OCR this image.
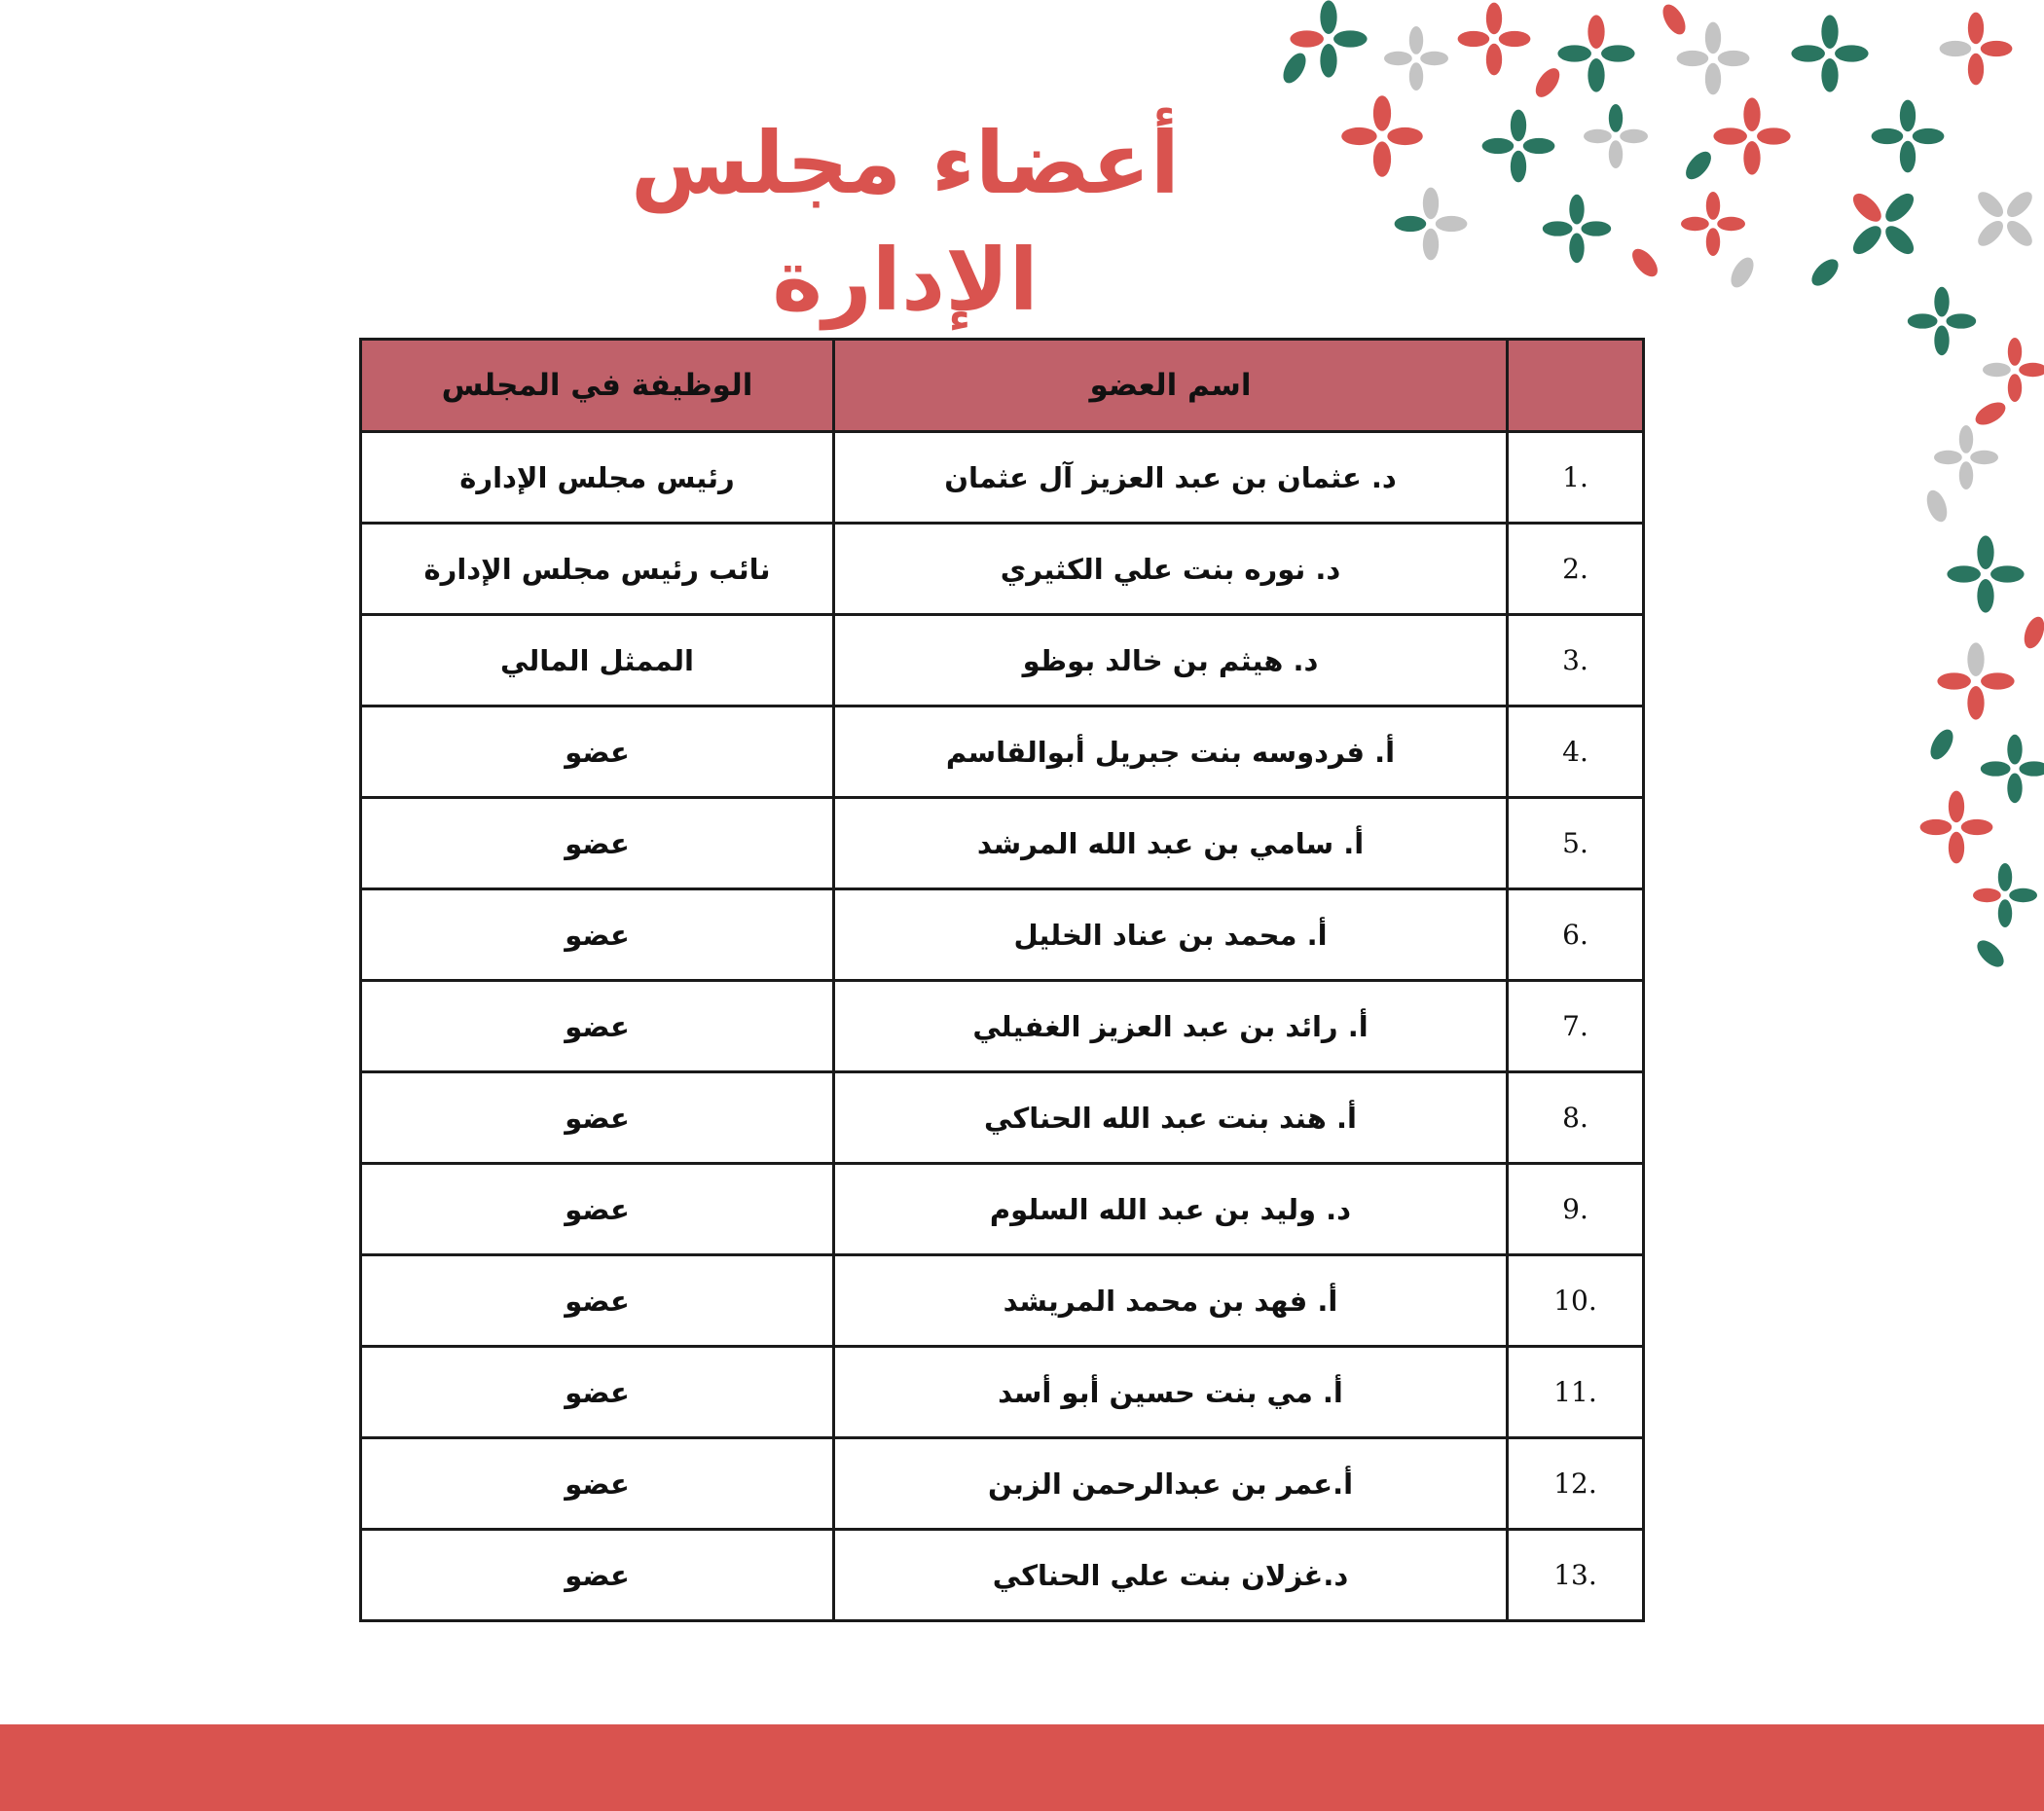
أعضاء مجلس الإدارة
	اسم العضو	الوظيفة في المجلس
.1	د. عثمان بن عبد العزيز آل عثمان	رئيس مجلس الإدارة
.2	د. نوره بنت علي الكثيري	نائب رئيس مجلس الإدارة
.3	د. هيثم بن خالد بوظو	الممثل المالي
.4	أ. فردوسه بنت جبريل أبوالقاسم	عضو
.5	أ. سامي بن عبد الله المرشد	عضو
.6	أ. محمد بن عناد الخليل	عضو
.7	أ. رائد بن عبد العزيز الغفيلي	عضو
.8	أ. هند بنت عبد الله الحناكي	عضو
.9	د. وليد بن عبد الله السلوم	عضو
.10	أ. فهد بن محمد المريشد	عضو
.11	أ. مي بنت حسين أبو أسد	عضو
.12	أ.عمر بن عبدالرحمن الزبن	عضو
.13	د.غزلان بنت علي الحناكي	عضو
